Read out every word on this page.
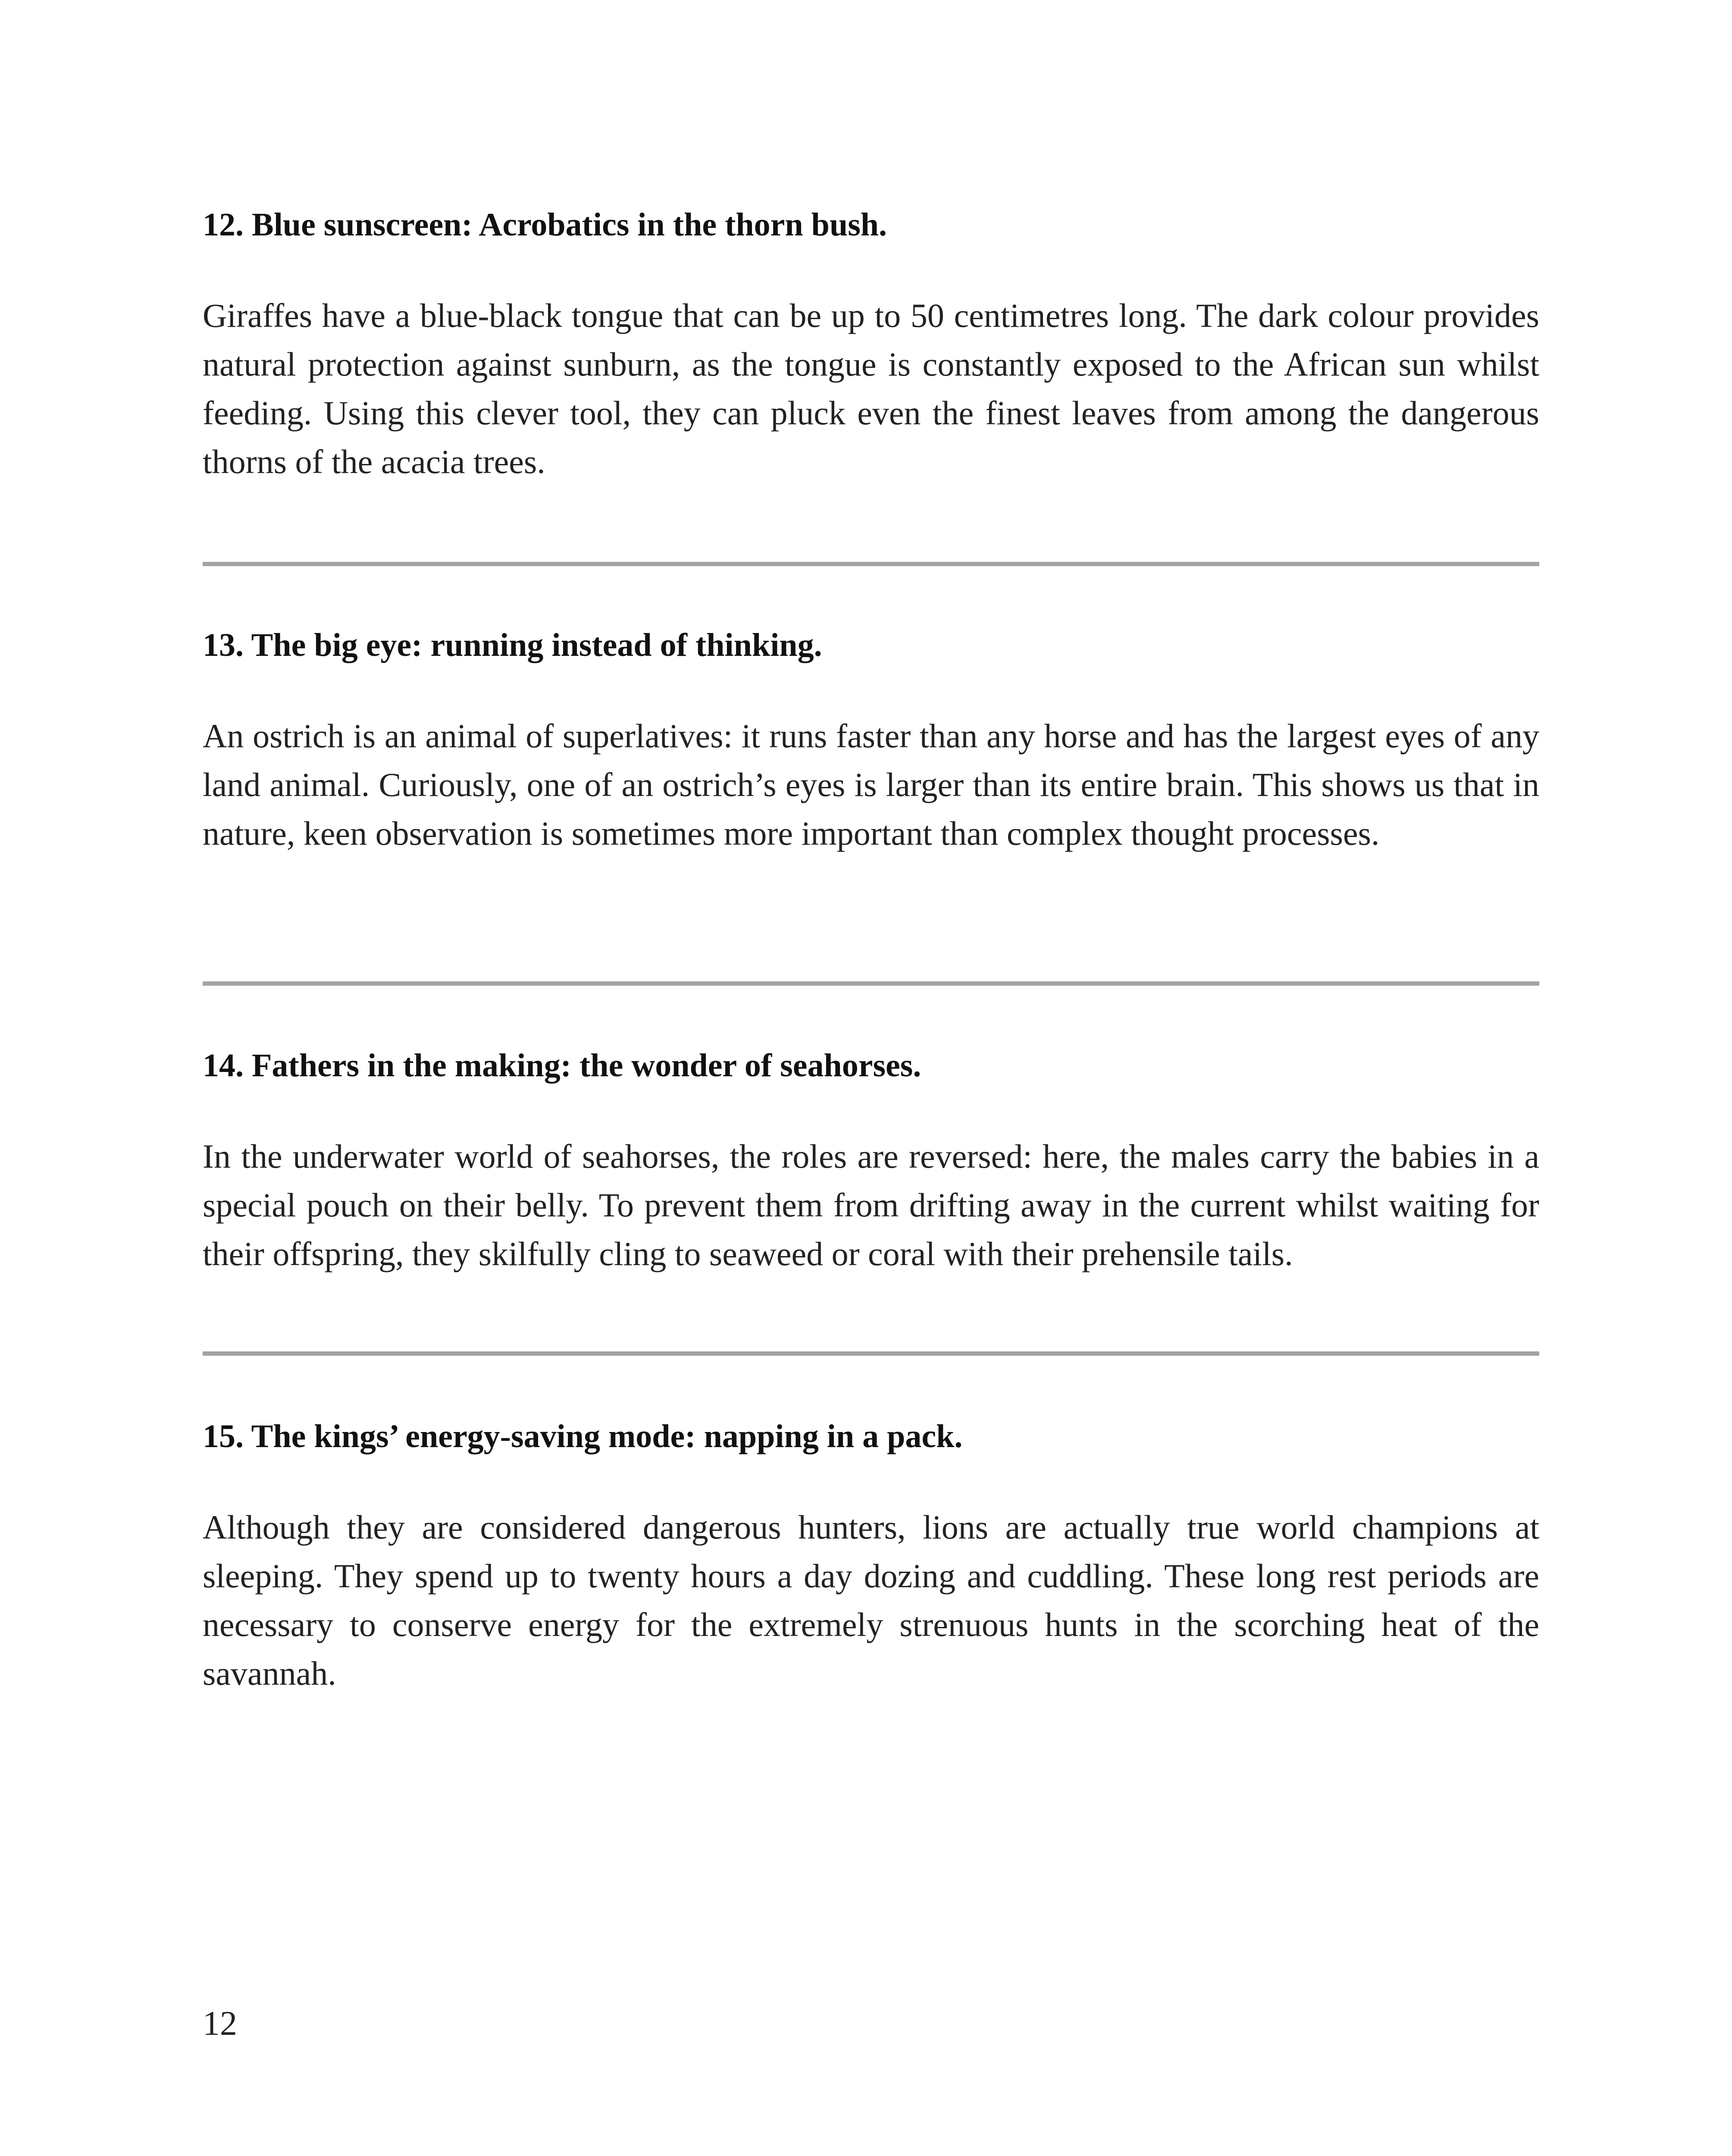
12. Blue sunscreen: Acrobatics in the thorn bush.

Giraffes have a blue-black tongue that can be up to 50 centimetres long. The dark colour provides natural protection against sunburn, as the tongue is constantly exposed to the African sun whilst feeding. Using this clever tool, they can pluck even the finest leaves from among the dangerous thorns of the acacia trees.

13. The big eye: running instead of thinking.

An ostrich is an animal of superlatives: it runs faster than any horse and has the largest eyes of any land animal. Curiously, one of an ostrich’s eyes is larger than its entire brain. This shows us that in nature, keen observation is sometimes more important than complex thought processes.

14. Fathers in the making: the wonder of seahorses.

In the underwater world of seahorses, the roles are reversed: here, the males carry the babies in a special pouch on their belly. To prevent them from drifting away in the current whilst waiting for their offspring, they skilfully cling to seaweed or coral with their prehensile tails.

15. The kings’ energy-saving mode: napping in a pack.

Although they are considered dangerous hunters, lions are actually true world champions at sleeping. They spend up to twenty hours a day dozing and cuddling. These long rest periods are necessary to conserve energy for the extremely strenuous hunts in the scorching heat of the savannah.

12
